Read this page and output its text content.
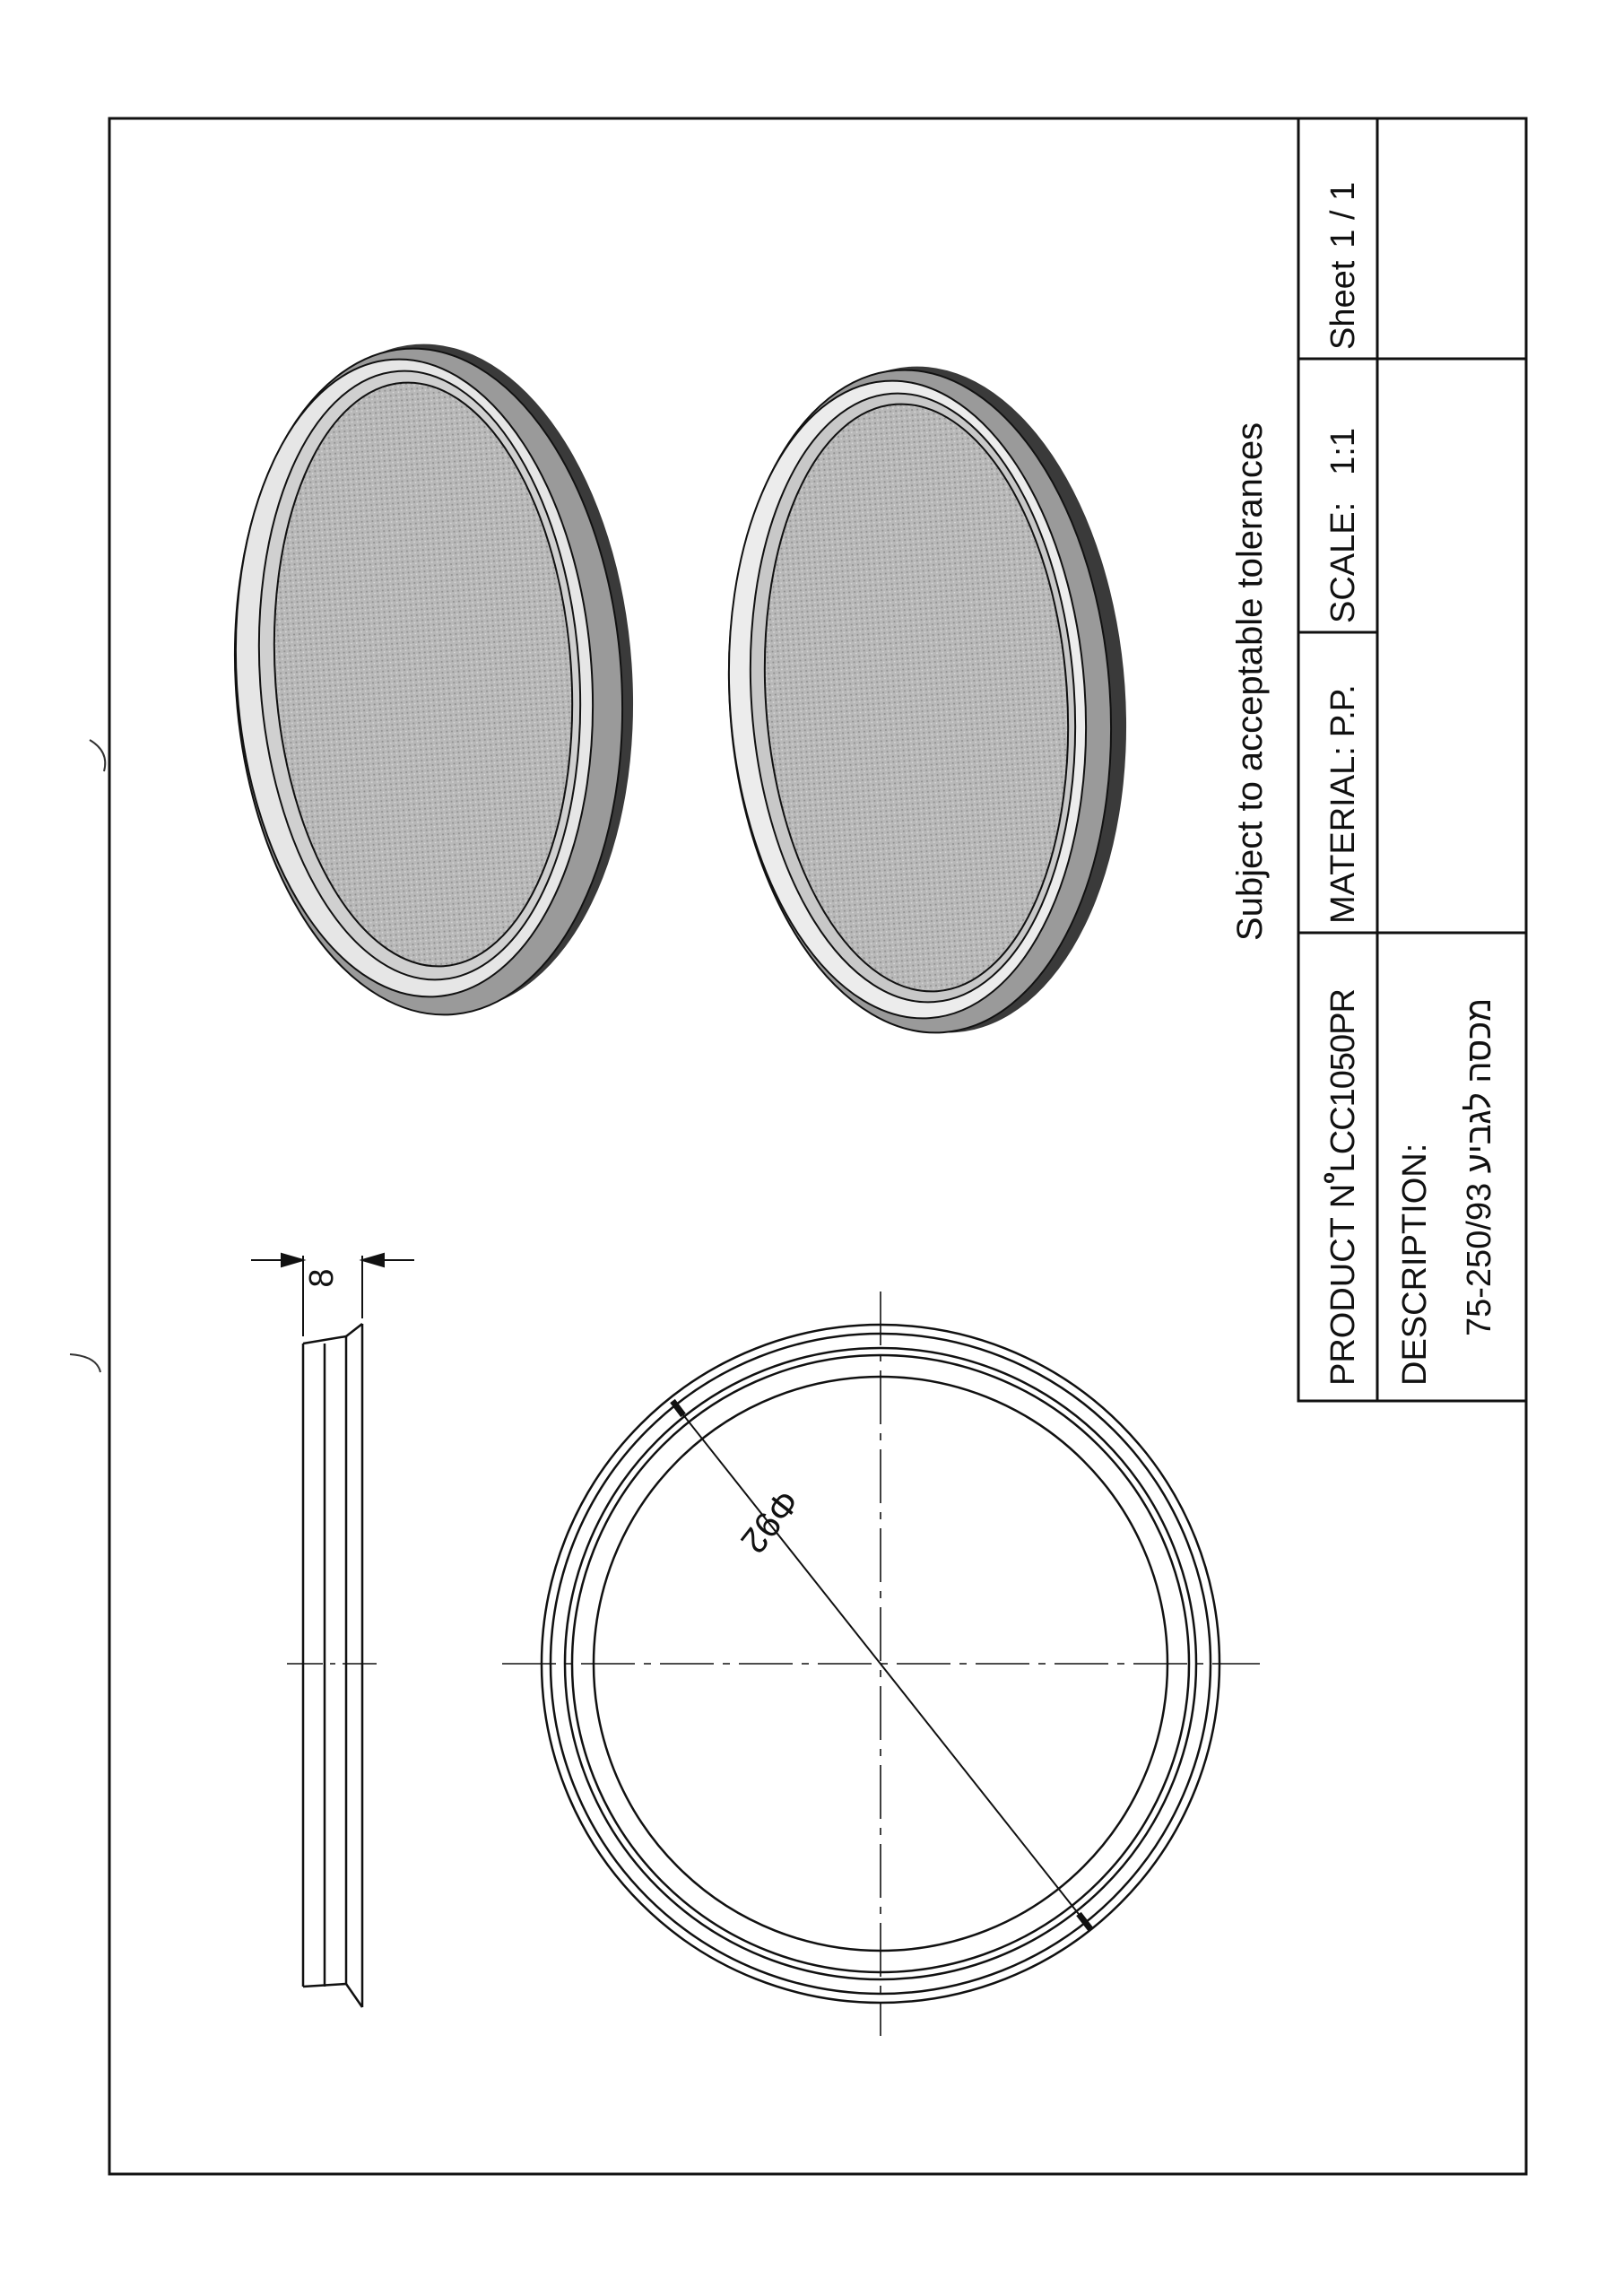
8
Φ92
Subject to acceptable tolerances
PRODUCT NºLCC1050PR
MATERIAL:P.P.
SCALE:1:1
Sheet1 / 1
DESCRIPTION: 75-250/93 מכסה לגביע
